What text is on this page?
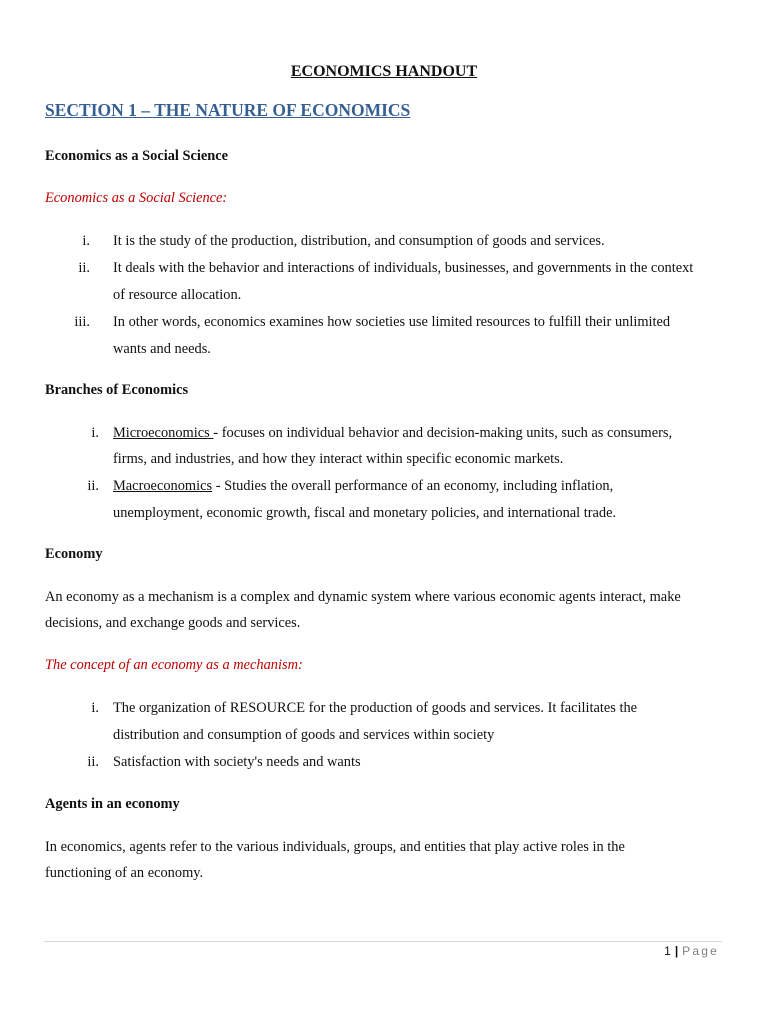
ECONOMICS HANDOUT
SECTION 1 – THE NATURE OF ECONOMICS
Economics as a Social Science
Economics as a Social Science:
i. It is the study of the production, distribution, and consumption of goods and services.
ii. It deals with the behavior and interactions of individuals, businesses, and governments in the context
of resource allocation.
iii. In other words, economics examines how societies use limited resources to fulfill their unlimited
wants and needs.
Branches of Economics
i. Microeconomics - focuses on individual behavior and decision-making units, such as consumers,
firms, and industries, and how they interact within specific economic markets.
ii. Macroeconomics - Studies the overall performance of an economy, including inflation,
unemployment, economic growth, fiscal and monetary policies, and international trade.
Economy
An economy as a mechanism is a complex and dynamic system where various economic agents interact, make
decisions, and exchange goods and services.
The concept of an economy as a mechanism:
i. The organization of RESOURCE for the production of goods and services. It facilitates the
distribution and consumption of goods and services within society
ii. Satisfaction with society's needs and wants
Agents in an economy
In economics, agents refer to the various individuals, groups, and entities that play active roles in the
functioning of an economy.
1 | Page
